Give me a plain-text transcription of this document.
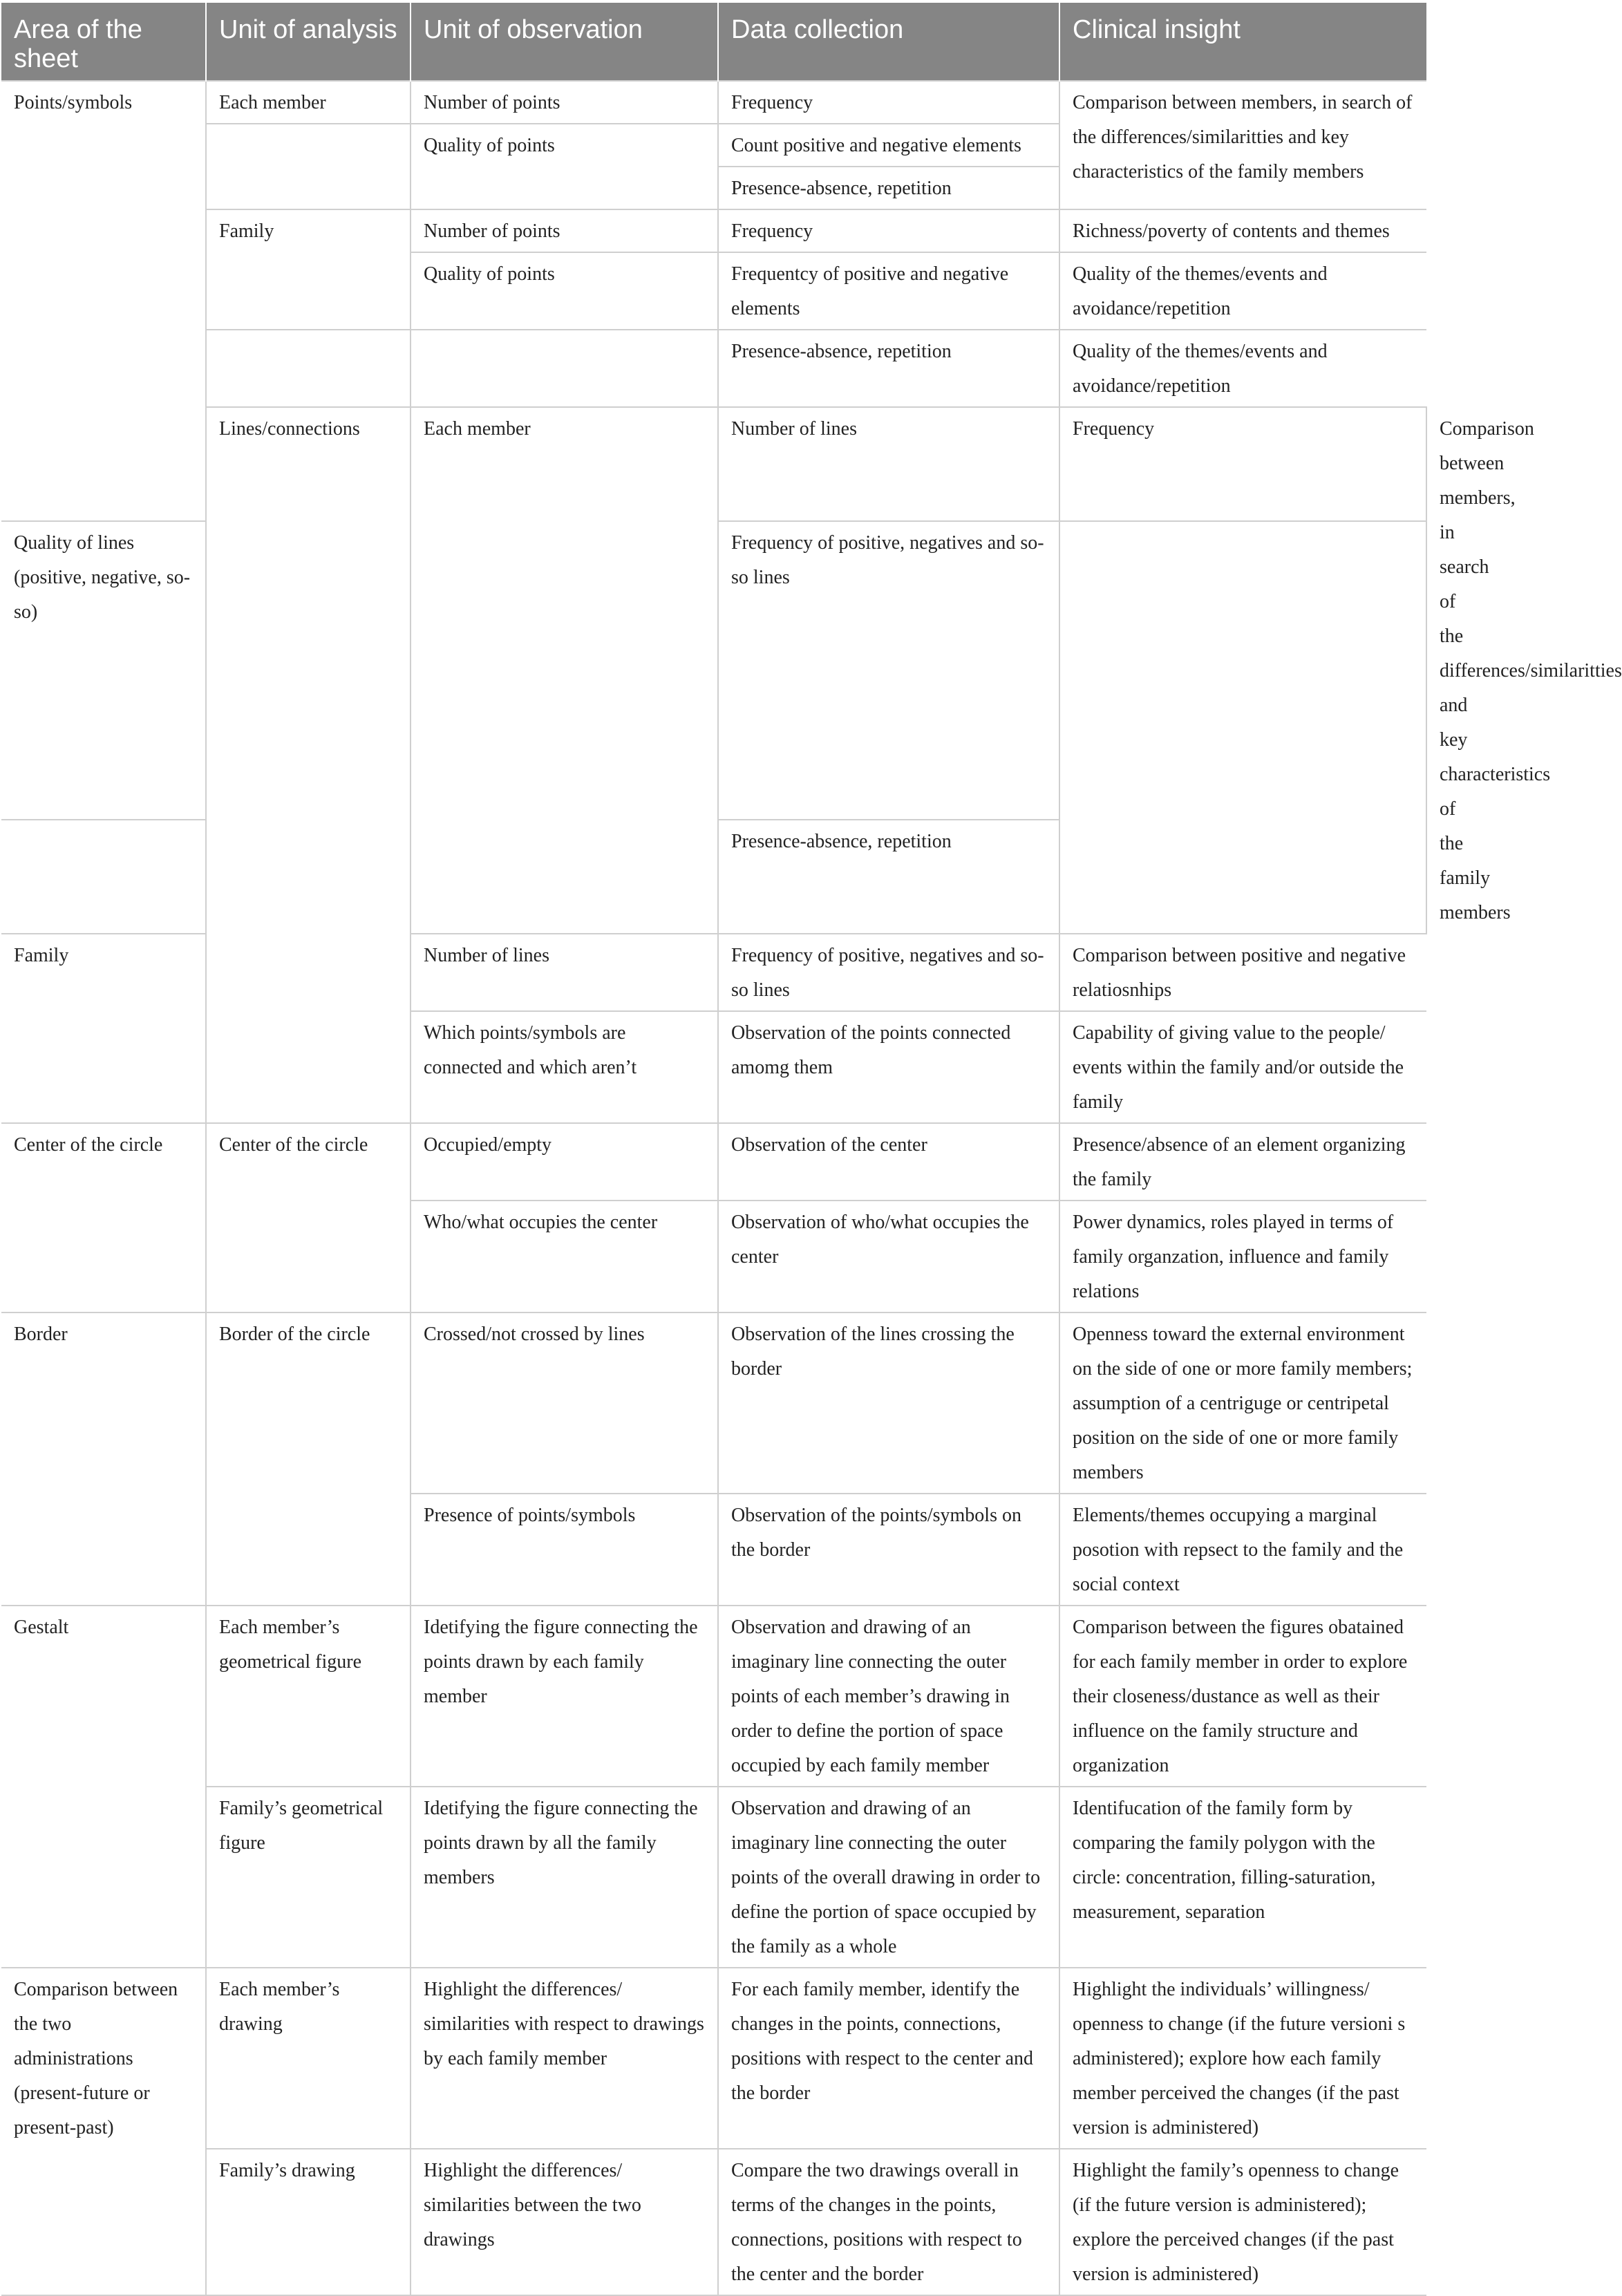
Area of the sheet	Unit of analysis	Unit of observation	Data collection	Clinical insight	
Points/symbols	Each member	Number of points	Frequency	Comparison between members, in search of the differences/similaritties and key characteristics of the family members	
		Quality of points	Count positive and negative elements		
			Presence-absence, repetition		
	Family	Number of points	Frequency	Richness/poverty of contents and themes	
		Quality of points	Frequentcy of positive and negative elements	Quality of the themes/events and avoidance/repetition	
			Presence-absence, repetition	Quality of the themes/events and avoidance/repetition	
	Lines/connections	Each member	Number of lines	Frequency	Comparison between members, in search of the differences/similaritties and key characteristics of the family members
Quality of lines (positive, negative, so-so)			Frequency of positive, negatives and so-so lines		
			Presence-absence, repetition		
Family		Number of lines	Frequency of positive, negatives and so-so lines	Comparison between positive and negative relatiosnhips	
		Which points/symbols are connected and which aren’t	Observation of the points connected amomg them	Capability of giving value to the people/ events within the family and/or outside the family	
Center of the circle	Center of the circle	Occupied/empty	Observation of the center	Presence/absence of an element organizing the family	
		Who/what occupies the center	Observation of who/what occupies the center	Power dynamics, roles played in terms of family organzation, influence and family relations	
Border	Border of the circle	Crossed/not crossed by lines	Observation of the lines crossing the border	Openness toward the external environment on the side of one or more family members; assumption of a centriguge or centripetal position on the side of one or more family members	
		Presence of points/symbols	Observation of the points/symbols on the border	Elements/themes occupying a marginal posotion with repsect to the family and the social context	
Gestalt	Each member’s geometrical figure	Idetifying the figure connecting the points drawn by each family member	Observation and drawing of an imaginary line connecting the outer points of each member’s drawing in order to define the portion of space occupied by each family member	Comparison between the figures obatained for each family member in order to explore their closeness/dustance as well as their influence on the family structure and organization	
	Family’s geometrical figure	Idetifying the figure connecting the points drawn by all the family members	Observation and drawing of an imaginary line connecting the outer points of the overall drawing in order to define the portion of space occupied by the family as a whole	Identifucation of the family form by comparing the family polygon with the circle: concentration, filling-saturation, measurement, separation	
Comparison between the two administrations (present-future or present-past)	Each member’s drawing	Highlight the differences/ similarities with respect to drawings by each family member	For each family member, identify the changes in the points, connections, positions with respect to the center and the border	Highlight the individuals’ willingness/ openness to change (if the future versioni s administered); explore how each family member perceived the changes (if the past version is administered)	
	Family’s drawing	Highlight the differences/ similarities between the two drawings	Compare the two drawings overall in terms of the changes in the points, connections, positions with respect to the center and the border	Highlight the family’s openness to change (if the future version is administered); explore the perceived changes (if the past version is administered)	
